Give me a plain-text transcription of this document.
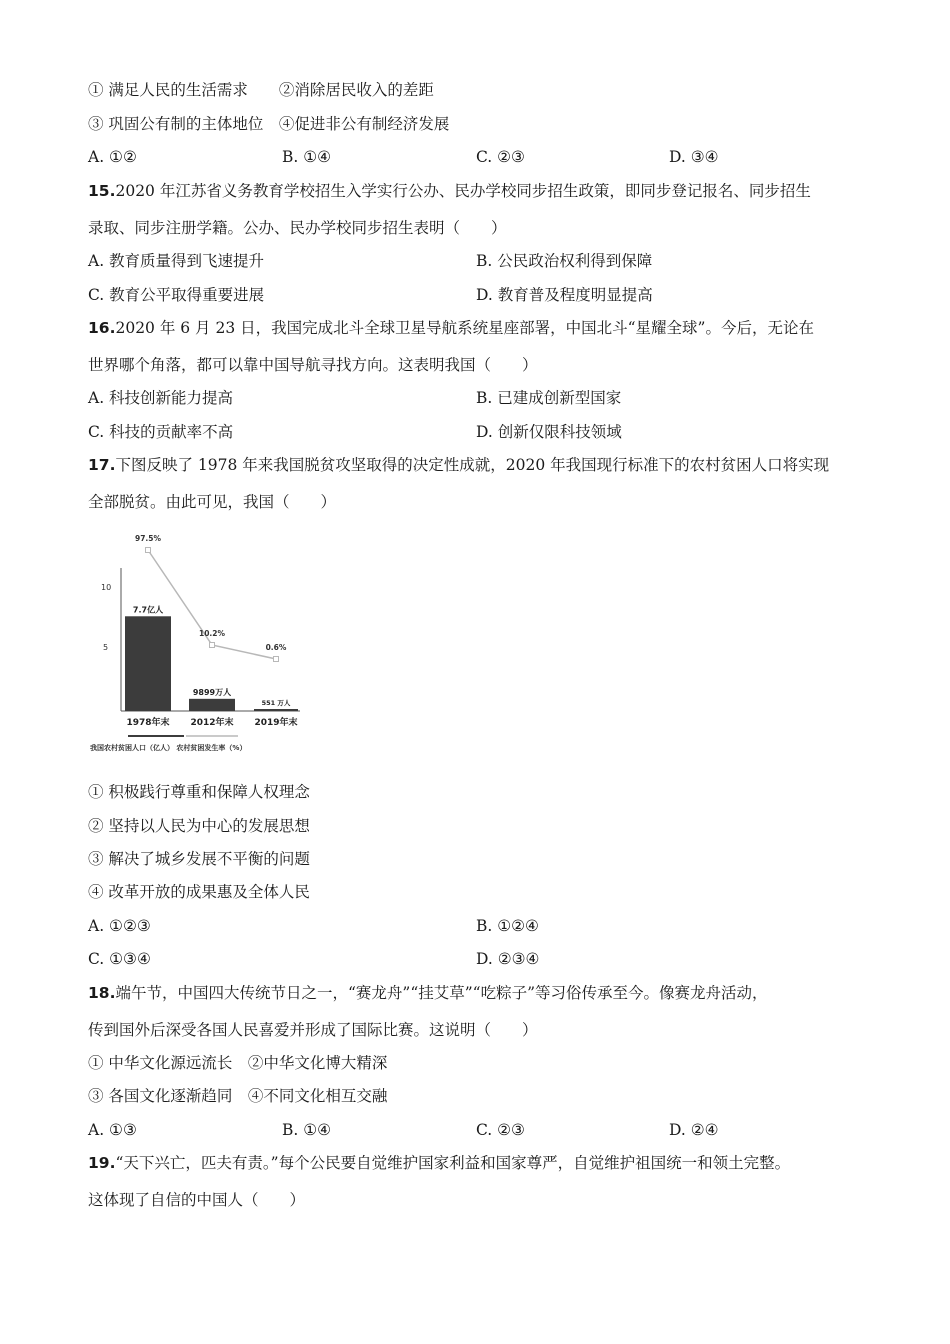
① 满足人民的生活需求　　②消除居民收入的差距
③ 巩固公有制的主体地位　④促进非公有制经济发展
A. ①②	B. ①④	C. ②③	D. ③④
15.2020 年江苏省义务教育学校招生入学实行公办、民办学校同步招生政策，即同步登记报名、同步招生
录取、同步注册学籍。公办、民办学校同步招生表明（　　）
A. 教育质量得到飞速提升	B. 公民政治权利得到保障
C. 教育公平取得重要进展	D. 教育普及程度明显提高
16.2020 年 6 月 23 日，我国完成北斗全球卫星导航系统星座部署，中国北斗“星耀全球”。今后，无论在
世界哪个角落，都可以靠中国导航寻找方向。这表明我国（　　）
A. 科技创新能力提高	B. 已建成创新型国家
C. 科技的贡献率不高	D. 创新仅限科技领域
17.下图反映了 1978 年来我国脱贫攻坚取得的决定性成就，2020 年我国现行标准下的农村贫困人口将实现
全部脱贫。由此可见，我国（　　）
10
5
7.7亿人
9899万人
551 万人
97.5%
10.2%
0.6%
1978年末 2012年末 2019年末
我国农村贫困人口（亿人） 农村贫困发生率（%）
① 积极践行尊重和保障人权理念
② 坚持以人民为中心的发展思想
③ 解决了城乡发展不平衡的问题
④ 改革开放的成果惠及全体人民
A. ①②③	B. ①②④
C. ①③④	D. ②③④
18.端午节，中国四大传统节日之一，“赛龙舟”“挂艾草”“吃粽子”等习俗传承至今。像赛龙舟活动，
传到国外后深受各国人民喜爱并形成了国际比赛。这说明（　　）
① 中华文化源远流长　②中华文化博大精深
③ 各国文化逐渐趋同　④不同文化相互交融
A. ①③	B. ①④	C. ②③	D. ②④
19.“天下兴亡，匹夫有责。”每个公民要自觉维护国家利益和国家尊严，自觉维护祖国统一和领土完整。
这体现了自信的中国人（　　）
